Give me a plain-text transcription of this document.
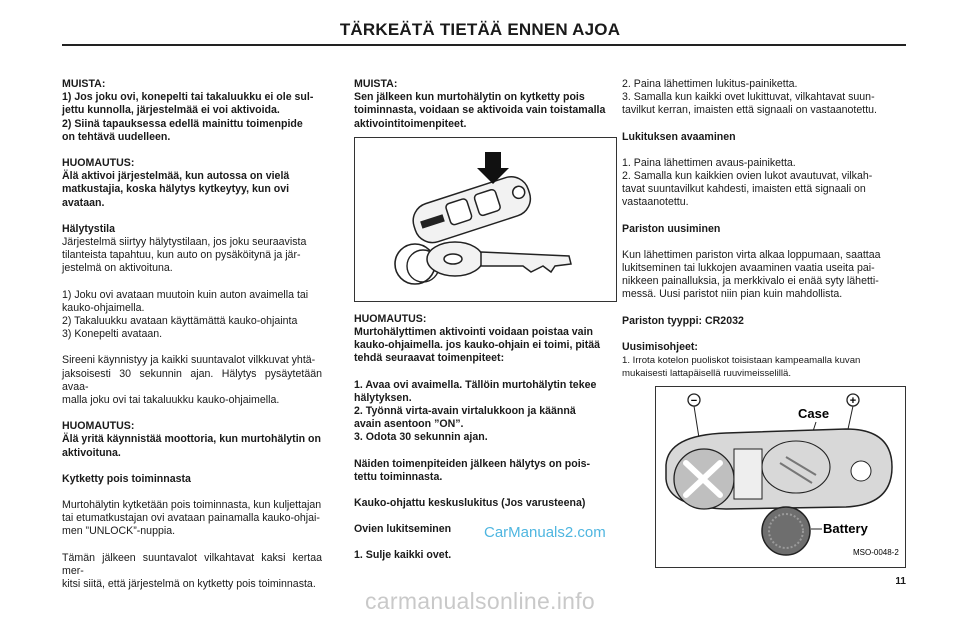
TÄRKEÄTÄ TIETÄÄ ENNEN AJOA

MUISTA:
1) Jos joku ovi, konepelti tai takaluukku ei ole sul-
jettu kunnolla, järjestelmää ei voi aktivoida.
2) Siinä tapauksessa edellä mainittu toimenpide
on tehtävä uudelleen.

HUOMAUTUS:
Älä aktivoi järjestelmää, kun autossa on vielä
matkustajia, koska hälytys kytkeytyy, kun ovi
avataan.

Hälytystila
Järjestelmä siirtyy hälytystilaan, jos joku seuraavista
tilanteista tapahtuu, kun auto on pysäköitynä ja jär-
jestelmä on aktivoituna.

1) Joku ovi avataan muutoin kuin auton avaimella tai
kauko-ohjaimella.
2) Takaluukku avataan käyttämättä kauko-ohjainta
3) Konepelti avataan.

Sireeni käynnistyy ja kaikki suuntavalot vilkkuvat yhtä-
jaksoisesti 30 sekunnin ajan. Hälytys pysäytetään avaa-
malla joku ovi tai takaluukku kauko-ohjaimella.

HUOMAUTUS:
Älä yritä käynnistää moottoria, kun murtohälytin on
aktivoituna.

Kytketty pois toiminnasta

Murtohälytin kytketään pois toiminnasta, kun kuljettajan
tai etumatkustajan ovi avataan painamalla kauko-ohjai-
men ”UNLOCK”-nuppia.

Tämän jälkeen suuntavalot vilkahtavat kaksi kertaa mer-
kitsi siitä, että järjestelmä on kytketty pois toiminnasta.

MUISTA:
Sen jälkeen kun murtohälytin on kytketty pois
toiminnasta, voidaan se aktivoida vain toistamalla
aktivointitoimenpiteet.

HUOMAUTUS:
Murtohälyttimen aktivointi voidaan poistaa vain
kauko-ohjaimella. jos kauko-ohjain ei toimi, pitää
tehdä seuraavat toimenpiteet:

1. Avaa ovi avaimella. Tällöin murtohälytin tekee
hälytyksen.
2. Työnnä virta-avain virtalukkoon ja käännä
avain asentoon ”ON”.
3. Odota 30 sekunnin ajan.

Näiden toimenpiteiden jälkeen hälytys on pois-
tettu toiminnasta.

Kauko-ohjattu keskuslukitus (Jos varusteena)

Ovien lukitseminen

1. Sulje kaikki ovet.

2. Paina lähettimen lukitus-painiketta.
3. Samalla kun kaikki ovet lukittuvat, vilkahtavat suun-
tavilkut kerran, imaisten että signaali on vastaanotettu.

Lukituksen avaaminen

1. Paina lähettimen avaus-painiketta.
2. Samalla kun kaikkien ovien lukot avautuvat, vilkah-
tavat suuntavilkut kahdesti, imaisten että signaali on
vastaanotettu.

Pariston uusiminen

Kun lähettimen pariston virta alkaa loppumaan, saattaa
lukitseminen tai lukkojen avaaminen vaatia useita pai-
nikkeen painalluksia, ja merkkivalo ei enää syty lähetti-
messä. Uusi paristot niin pian kuin mahdollista.

Pariston tyyppi: CR2032

Uusimisohjeet:
1. Irrota kotelon puoliskot toisistaan kampeamalla kuvan
mukaisesti lattapäisellä ruuvimeisselillä.
−	+
Case
Battery
MSO-0048-2
CarManuals2.com
11
carmanualsonline.info
